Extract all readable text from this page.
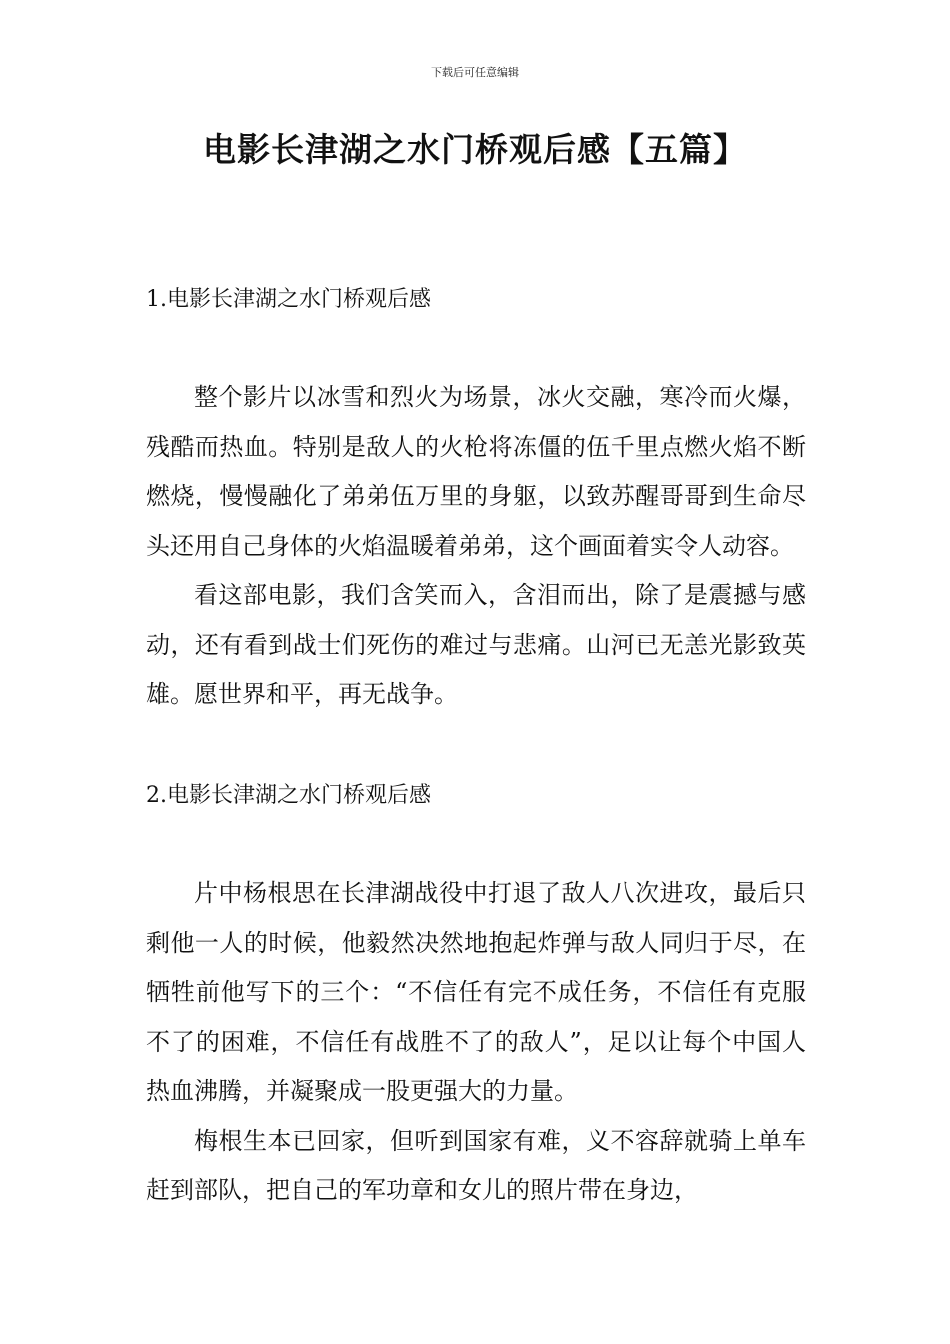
下载后可任意编辑
电影长津湖之水门桥观后感【五篇】
1.电影长津湖之水门桥观后感

整个影片以冰雪和烈火为场景，冰火交融，寒冷而火爆，残酷而热血。特别是敌人的火枪将冻僵的伍千里点燃火焰不断燃烧，慢慢融化了弟弟伍万里的身躯，以致苏醒哥哥到生命尽头还用自己身体的火焰温暖着弟弟，这个画面着实令人动容。

看这部电影，我们含笑而入，含泪而出，除了是震撼与感动，还有看到战士们死伤的难过与悲痛。山河已无恙光影致英雄。愿世界和平，再无战争。

2.电影长津湖之水门桥观后感

片中杨根思在长津湖战役中打退了敌人八次进攻，最后只剩他一人的时候，他毅然决然地抱起炸弹与敌人同归于尽，在牺牲前他写下的三个：“不信任有完不成任务，不信任有克服不了的困难，不信任有战胜不了的敌人”，足以让每个中国人热血沸腾，并凝聚成一股更强大的力量。

梅根生本已回家，但听到国家有难，义不容辞就骑上单车赶到部队，把自己的军功章和女儿的照片带在身边，
